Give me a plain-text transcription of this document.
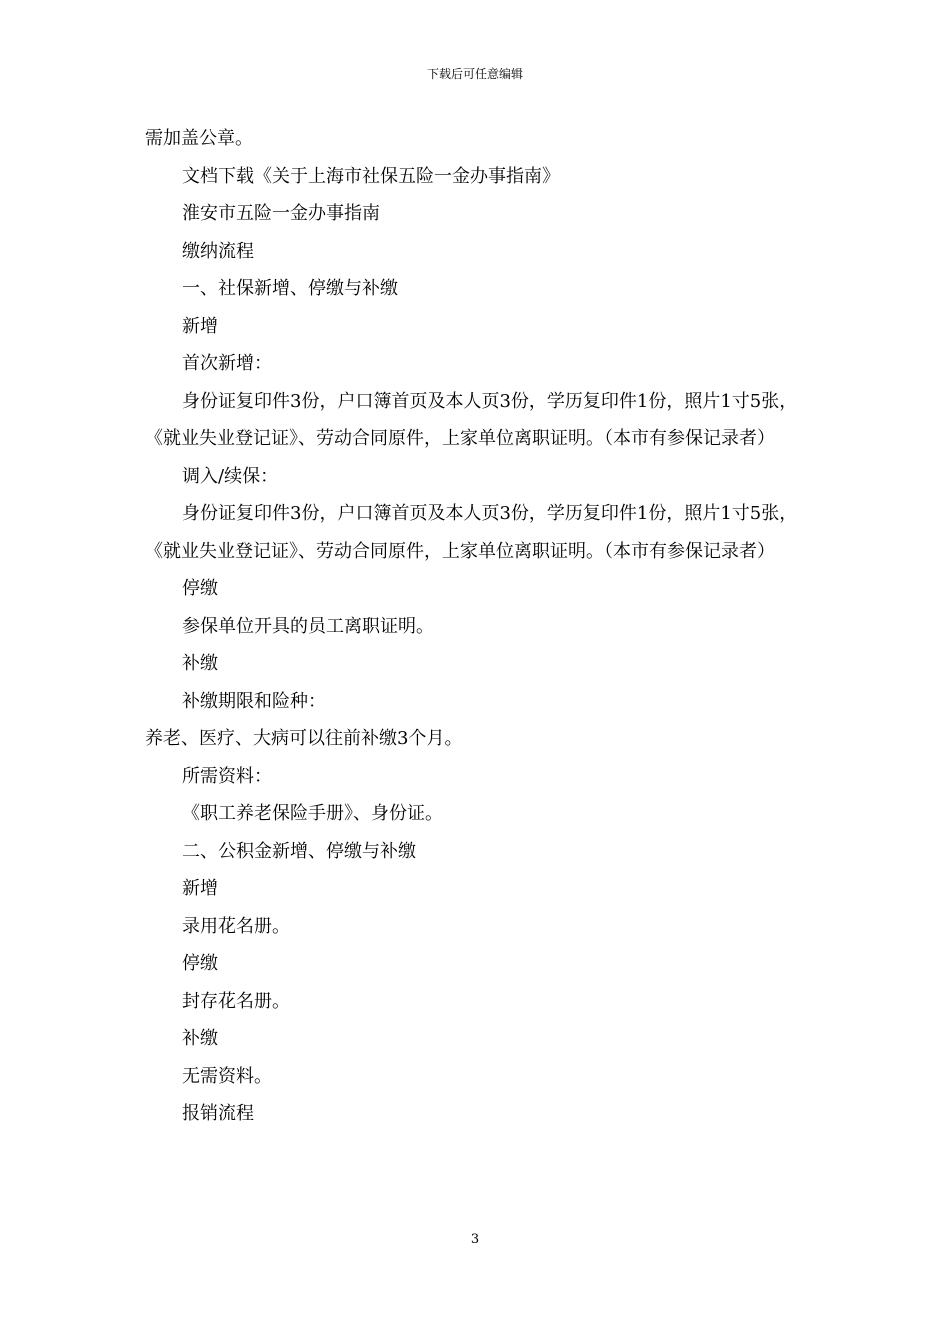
下载后可任意编辑

需加盖公章。

文档下载《关于上海市社保五险一金办事指南》

淮安市五险一金办事指南

缴纳流程

一、社保新增、停缴与补缴

新增

首次新增：

身份证复印件3份，户口簿首页及本人页3份，学历复印件1份，照片1寸5张，《就业失业登记证》、劳动合同原件，上家单位离职证明。（本市有参保记录者）

调入/续保：

身份证复印件3份，户口簿首页及本人页3份，学历复印件1份，照片1寸5张，《就业失业登记证》、劳动合同原件，上家单位离职证明。（本市有参保记录者）

停缴

参保单位开具的员工离职证明。

补缴

补缴期限和险种：

养老、医疗、大病可以往前补缴3个月。

所需资料：

《职工养老保险手册》、身份证。

二、公积金新增、停缴与补缴

新增

录用花名册。

停缴

封存花名册。

补缴

无需资料。

报销流程

3
